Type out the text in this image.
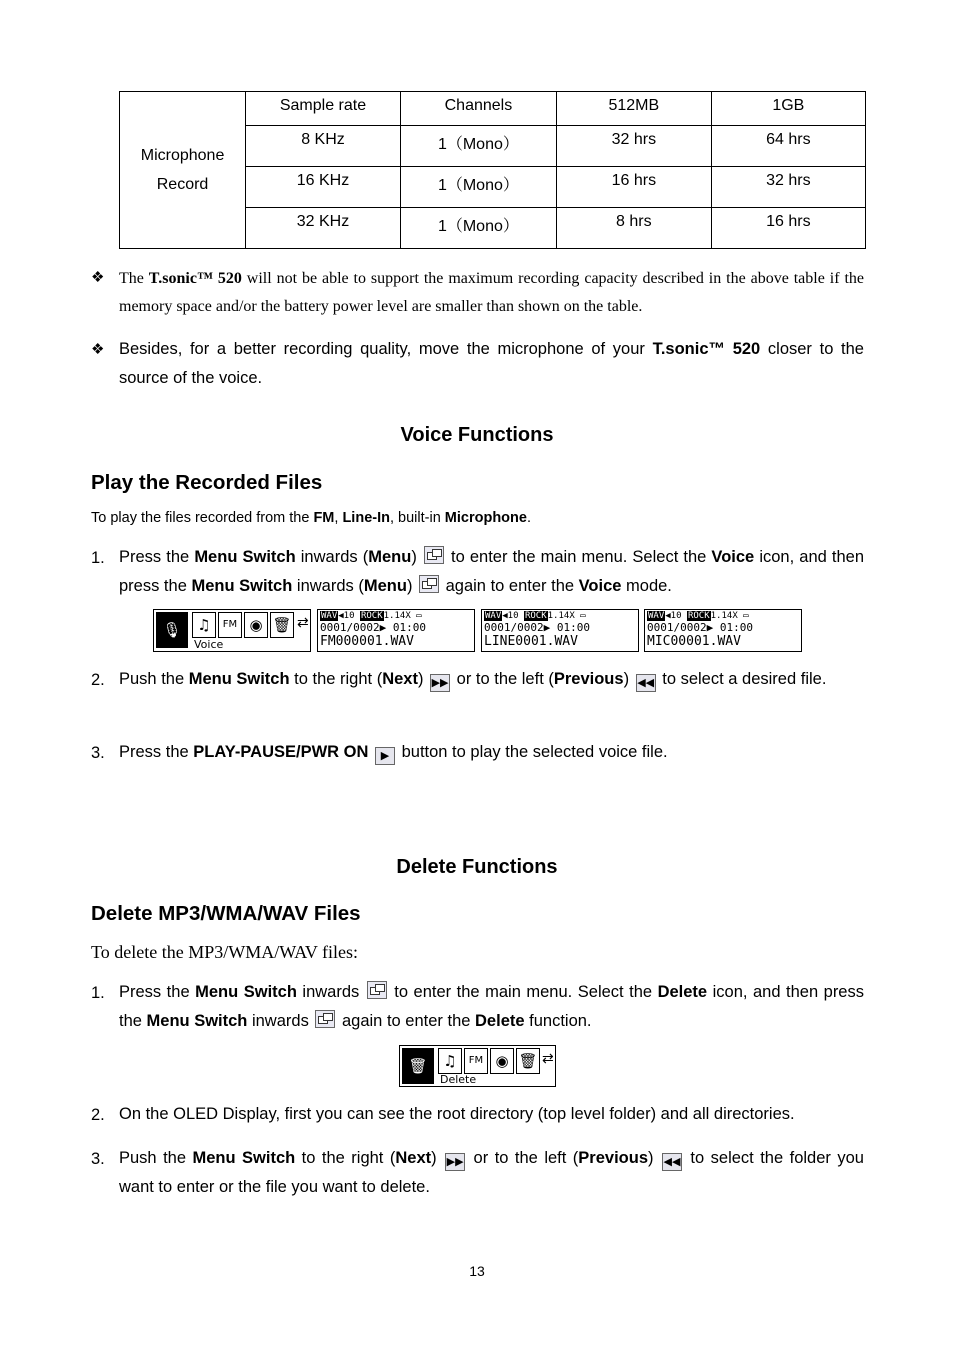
Microphone
Record	Sample rate	Channels	512MB	1GB
	8 KHz	1（Mono）	32 hrs	64 hrs
	16 KHz	1（Mono）	16 hrs	32 hrs
	32 KHz	1（Mono）	8 hrs	16 hrs
❖ The T.sonic™ 520 will not be able to support the maximum recording capacity described in the above table if the memory space and/or the battery power level are smaller than shown on the table.
❖ Besides, for a better recording quality, move the microphone of your T.sonic™ 520 closer to the source of the voice.
Voice Functions
Play the Recorded Files
To play the files recorded from the FM, Line-In, built-in Microphone.
1. Press the Menu Switch inwards (Menu)  to enter the main menu. Select the Voice icon, and then press the Menu Switch inwards (Menu)  again to enter the Voice mode.
🎙	♫	FM ◉ 🗑 ⇄
Voice
WAV◀10 ROCK1.14X ▭
0001/0002▶ 01:00
FM000001.WAV
WAV◀10 ROCK1.14X ▭
0001/0002▶ 01:00
LINE0001.WAV
WAV◀10 ROCK1.14X ▭
0001/0002▶ 01:00
MIC00001.WAV
2. Push the Menu Switch to the right (Next) ▶▶ or to the left (Previous) ◀◀ to select a desired file.
3. Press the PLAY-PAUSE/PWR ON ▶ button to play the selected voice file.
Delete Functions
Delete MP3/WMA/WAV Files
To delete the MP3/WMA/WAV files:
1. Press the Menu Switch inwards  to enter the main menu. Select the Delete icon, and then press the Menu Switch inwards  again to enter the Delete function.
🗑	♫	FM ◉ 🗑 ⇄
Delete
2. On the OLED Display, first you can see the root directory (top level folder) and all directories.
3. Push the Menu Switch to the right (Next) ▶▶ or to the left (Previous) ◀◀ to select the folder you want to enter or the file you want to delete.
13
